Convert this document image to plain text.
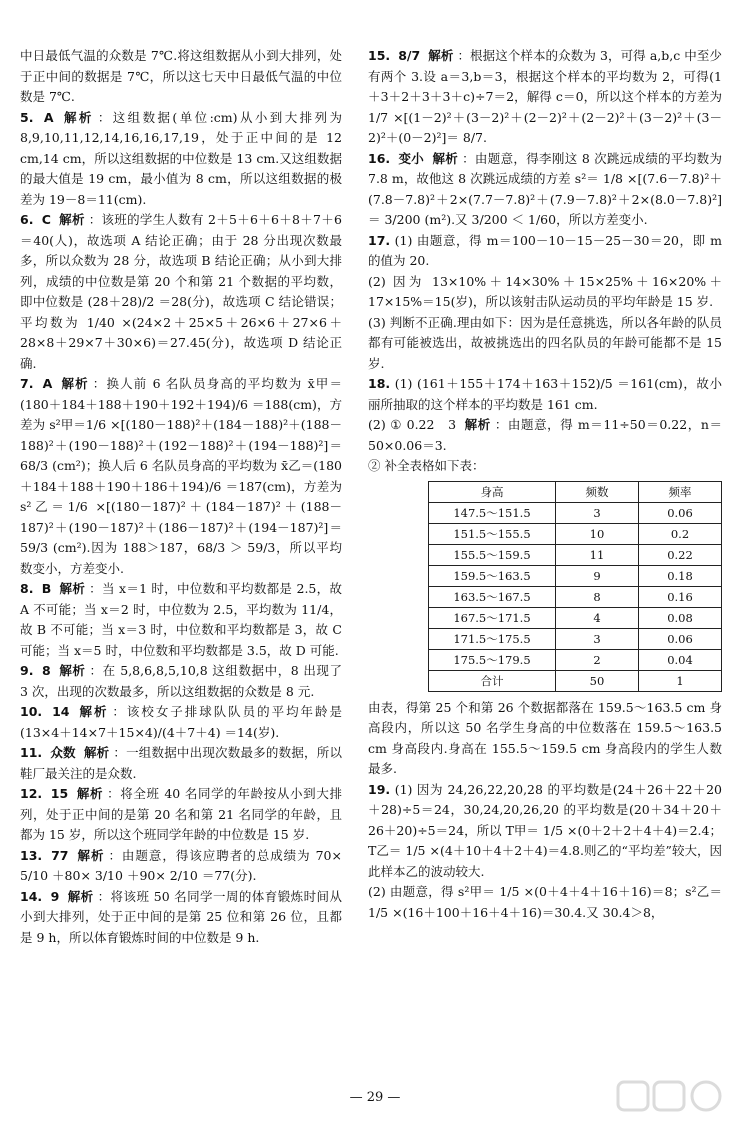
中日最低气温的众数是 7℃.将这组数据从小到大排列，处于正中间的数据是 7℃，所以这七天中日最低气温的中位数是 7℃.

5. A 解析 ：这组数据(单位:cm)从小到大排列为 8,9,10,11,12,14,16,16,17,19，处于正中间的是 12 cm,14 cm，所以这组数据的中位数是 13 cm.又这组数据的最大值是 19 cm，最小值为 8 cm，所以这组数据的极差为 19－8＝11(cm).

6. C 解析 ：该班的学生人数有 2＋5＋6＋6＋8＋7＋6＝40(人)，故选项 A 结论正确；由于 28 分出现次数最多，所以众数为 28 分，故选项 B 结论正确；从小到大排列，成绩的中位数是第 20 个和第 21 个数据的平均数，即中位数是 (28＋28)/2 ＝28(分)，故选项 C 结论错误；平均数为 1/40 ×(24×2＋25×5＋26×6＋27×6＋28×8＋29×7＋30×6)＝27.45(分)，故选项 D 结论正确.

7. A 解析 ：换人前 6 名队员身高的平均数为 x̄甲＝(180＋184＋188＋190＋192＋194)/6 ＝188(cm)，方差为 s²甲＝1/6 ×[(180－188)²＋(184－188)²＋(188－188)²＋(190－188)²＋(192－188)²＋(194－188)²]＝68/3 (cm²)；换人后 6 名队员身高的平均数为 x̄乙＝(180＋184＋188＋190＋186＋194)/6 ＝187(cm)，方差为 s²乙＝1/6 ×[(180－187)²＋(184－187)²＋(188－187)²＋(190－187)²＋(186－187)²＋(194－187)²]＝59/3 (cm²).因为 188＞187，68/3 ＞ 59/3，所以平均数变小，方差变小.

8. B 解析 ：当 x＝1 时，中位数和平均数都是 2.5，故 A 不可能；当 x＝2 时，中位数为 2.5，平均数为 11/4，故 B 不可能；当 x＝3 时，中位数和平均数都是 3，故 C 可能；当 x＝5 时，中位数和平均数都是 3.5，故 D 可能.

9. 8 解析 ：在 5,8,6,8,5,10,8 这组数据中，8 出现了 3 次，出现的次数最多，所以这组数据的众数是 8 元.

10. 14 解析 ：该校女子排球队队员的平均年龄是 (13×4＋14×7＋15×4)/(4＋7＋4) ＝14(岁).

11. 众数 解析 ：一组数据中出现次数最多的数据，所以鞋厂最关注的是众数.

12. 15 解析 ：将全班 40 名同学的年龄按从小到大排列，处于正中间的是第 20 名和第 21 名同学的年龄，且都为 15 岁，所以这个班同学年龄的中位数是 15 岁.

13. 77 解析 ：由题意，得该应聘者的总成绩为 70× 5/10 ＋80× 3/10 ＋90× 2/10 ＝77(分).

14. 9 解析 ：将该班 50 名同学一周的体育锻炼时间从小到大排列，处于正中间的是第 25 位和第 26 位，且都是 9 h，所以体育锻炼时间的中位数是 9 h.

15. 8/7 解析 ：根据这个样本的众数为 3，可得 a,b,c 中至少有两个 3.设 a＝3,b＝3，根据这个样本的平均数为 2，可得(1＋3＋2＋3＋3＋c)÷7＝2，解得 c＝0，所以这个样本的方差为 1/7 ×[(1－2)²＋(3－2)²＋(2－2)²＋(2－2)²＋(3－2)²＋(3－2)²＋(0－2)²]＝ 8/7.

16. 变小 解析 ：由题意，得李刚这 8 次跳远成绩的平均数为 7.8 m，故他这 8 次跳远成绩的方差 s²＝ 1/8 ×[(7.6－7.8)²＋(7.8－7.8)²＋2×(7.7－7.8)²＋(7.9－7.8)²＋2×(8.0－7.8)²]＝ 3/200 (m²).又 3/200 ＜ 1/60，所以方差变小.

17. (1) 由题意，得 m＝100－10－15－25－30＝20，即 m 的值为 20.

(2) 因为 13×10%＋14×30%＋15×25%＋16×20%＋17×15%＝15(岁)，所以该射击队运动员的平均年龄是 15 岁.

(3) 判断不正确.理由如下：因为是任意挑选，所以各年龄的队员都有可能被选出，故被挑选出的四名队员的年龄可能都不是 15 岁.

18. (1) (161＋155＋174＋163＋152)/5 ＝161(cm)，故小丽所抽取的这个样本的平均数是 161 cm.

(2) ① 0.22　3 解析 ：由题意，得 m＝11÷50＝0.22，n＝50×0.06＝3.

② 补全表格如下表：

身高	频数	频率
147.5～151.5	3	0.06
151.5～155.5	10	0.2
155.5～159.5	11	0.22
159.5～163.5	9	0.18
163.5～167.5	8	0.16
167.5～171.5	4	0.08
171.5～175.5	3	0.06
175.5～179.5	2	0.04
合计	50	1

由表，得第 25 个和第 26 个数据都落在 159.5～163.5 cm 身高段内，所以这 50 名学生身高的中位数落在 159.5～163.5 cm 身高段内.身高在 155.5～159.5 cm 身高段内的学生人数最多.

19. (1) 因为 24,26,22,20,28 的平均数是(24＋26＋22＋20＋28)÷5＝24，30,24,20,26,20 的平均数是(20＋34＋20＋26＋20)÷5＝24，所以 T甲＝ 1/5 ×(0＋2＋2＋4＋4)＝2.4；T乙＝ 1/5 ×(4＋10＋4＋2＋4)＝4.8.则乙的“平均差”较大，因此样本乙的波动较大.

(2) 由题意，得 s²甲＝ 1/5 ×(0＋4＋4＋16＋16)＝8；s²乙＝ 1/5 ×(16＋100＋16＋4＋16)＝30.4.又 30.4＞8，

— 29 —
